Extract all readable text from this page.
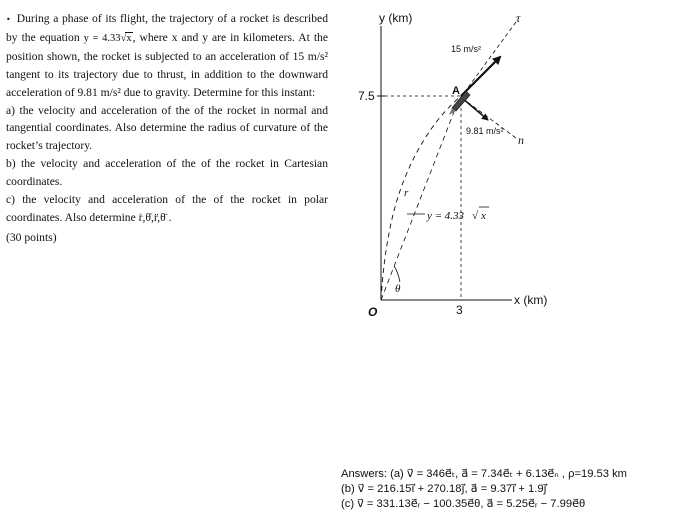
• During a phase of its flight, the trajectory of a rocket is described by the equation y = 4.33√x, where x and y are in kilometers. At the position shown, the rocket is subjected to an acceleration of 15 m/s² tangent to its trajectory due to thrust, in addition to the downward acceleration of 9.81 m/s² due to gravity. Determine for this instant:

a) the velocity and acceleration of the of the rocket in normal and tangential coordinates. Also determine the radius of curvature of the rocket’s trajectory.

b) the velocity and acceleration of the of the rocket in Cartesian coordinates.

c) the velocity and acceleration of the of the rocket in polar coordinates. Also determine ṙ,θ̇,r̈,θ̈ .

(30 points)

y (km)
x (km)
O
7.5
3
θ
r
τ
n
15 m/s²
9.81 m/s²
A
y = 4.33 √ x
Answers: (a) v⃗ = 346e⃗ₜ, a⃗ = 7.34e⃗ₜ + 6.13e⃗ₙ , ρ=19.53 km
(b) v⃗ = 216.15ı⃗ + 270.18ȷ⃗, a⃗ = 9.37ı⃗ + 1.9ȷ⃗
(c) v⃗ = 331.13e⃗ᵣ − 100.35e⃗θ, a⃗ = 5.25e⃗ᵣ − 7.99e⃗θ
